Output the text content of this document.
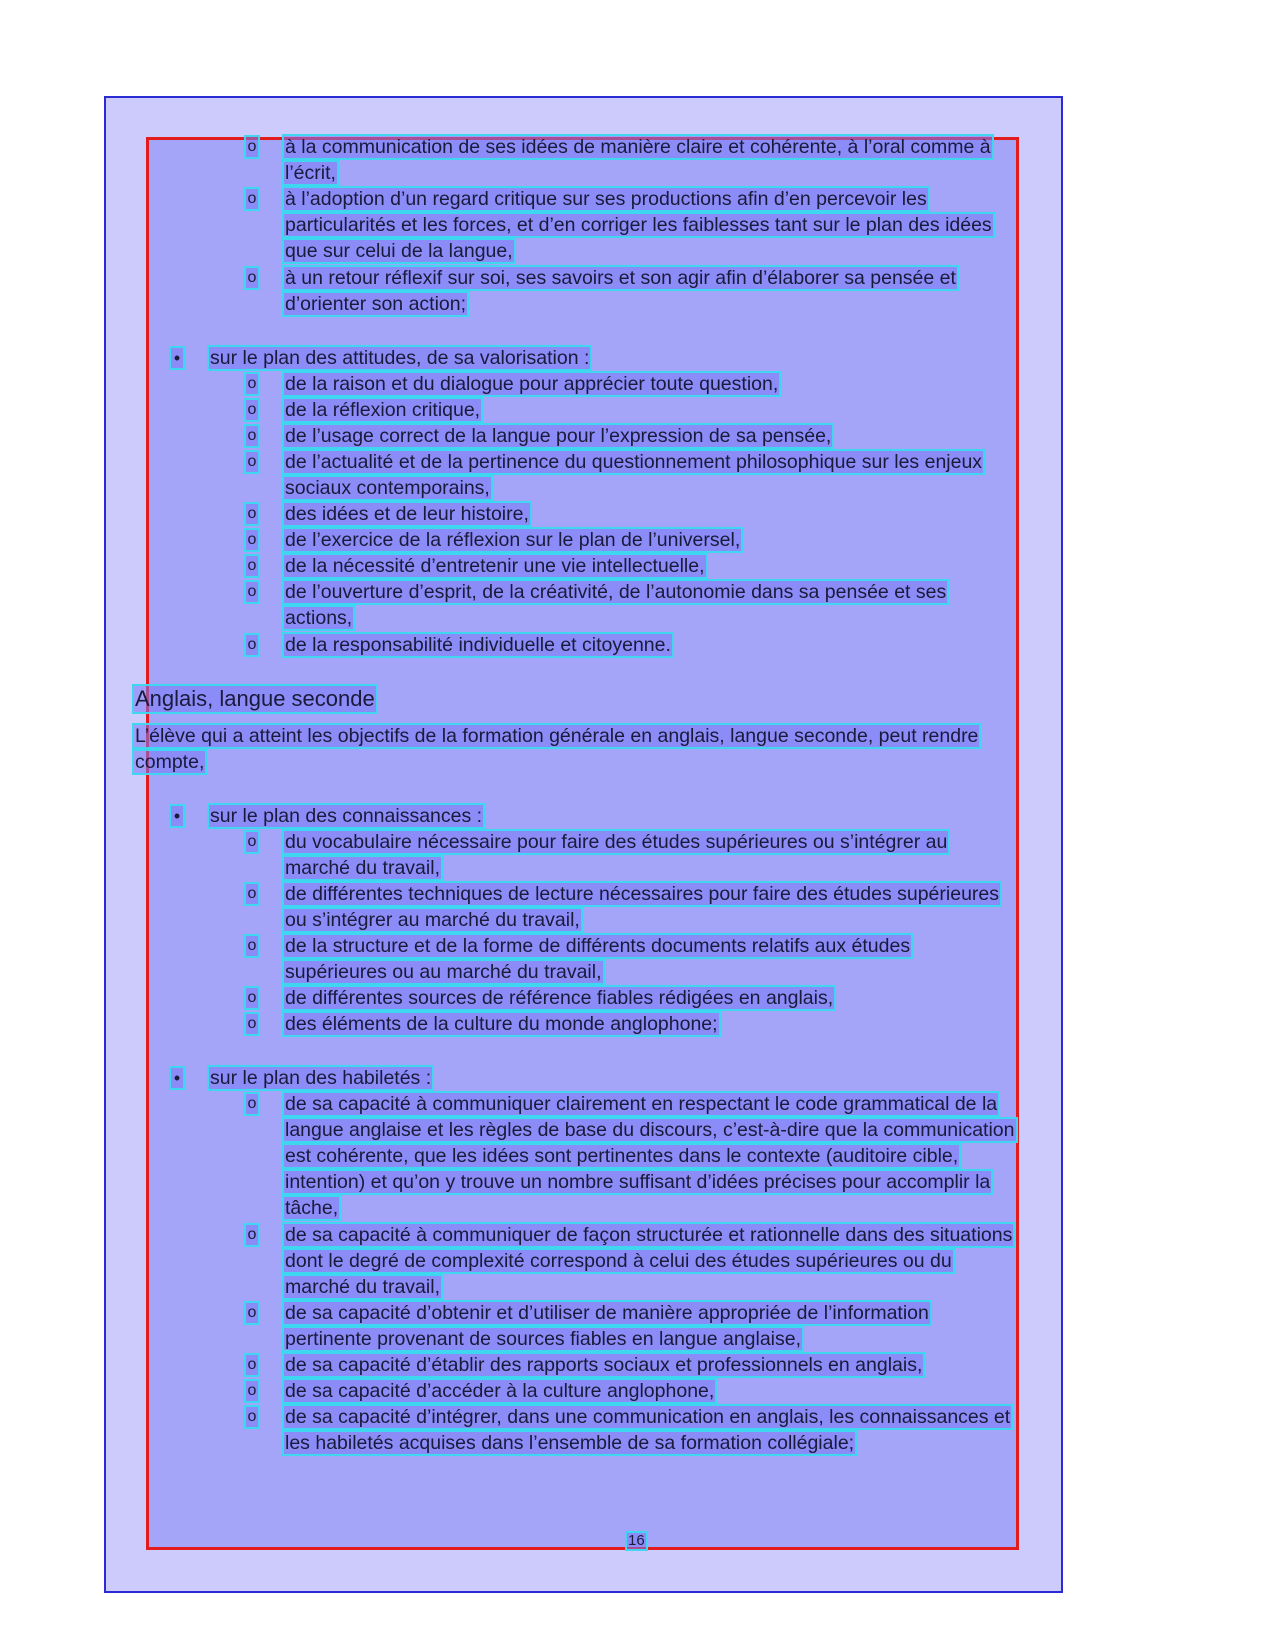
o à la communication de ses idées de manière claire et cohérente, à l’oral comme à
l’écrit,
o à l’adoption d’un regard critique sur ses productions afin d’en percevoir les
particularités et les forces, et d’en corriger les faiblesses tant sur le plan des idées
que sur celui de la langue,
o à un retour réflexif sur soi, ses savoirs et son agir afin d’élaborer sa pensée et
d’orienter son action;
• sur le plan des attitudes, de sa valorisation :
o de la raison et du dialogue pour apprécier toute question,
o de la réflexion critique,
o de l’usage correct de la langue pour l’expression de sa pensée,
o de l’actualité et de la pertinence du questionnement philosophique sur les enjeux
sociaux contemporains,
o des idées et de leur histoire,
o de l’exercice de la réflexion sur le plan de l’universel,
o de la nécessité d’entretenir une vie intellectuelle,
o de l’ouverture d’esprit, de la créativité, de l’autonomie dans sa pensée et ses
actions,
o de la responsabilité individuelle et citoyenne.
Anglais, langue seconde
L’élève qui a atteint les objectifs de la formation générale en anglais, langue seconde, peut rendre
compte,
• sur le plan des connaissances :
o du vocabulaire nécessaire pour faire des études supérieures ou s’intégrer au
marché du travail,
o de différentes techniques de lecture nécessaires pour faire des études supérieures
ou s’intégrer au marché du travail,
o de la structure et de la forme de différents documents relatifs aux études
supérieures ou au marché du travail,
o de différentes sources de référence fiables rédigées en anglais,
o des éléments de la culture du monde anglophone;
• sur le plan des habiletés :
o de sa capacité à communiquer clairement en respectant le code grammatical de la
langue anglaise et les règles de base du discours, c’est-à-dire que la communication
est cohérente, que les idées sont pertinentes dans le contexte (auditoire cible,
intention) et qu’on y trouve un nombre suffisant d’idées précises pour accomplir la
tâche,
o de sa capacité à communiquer de façon structurée et rationnelle dans des situations
dont le degré de complexité correspond à celui des études supérieures ou du
marché du travail,
o de sa capacité d’obtenir et d’utiliser de manière appropriée de l’information
pertinente provenant de sources fiables en langue anglaise,
o de sa capacité d’établir des rapports sociaux et professionnels en anglais,
o de sa capacité d’accéder à la culture anglophone,
o de sa capacité d’intégrer, dans une communication en anglais, les connaissances et
les habiletés acquises dans l’ensemble de sa formation collégiale;
16
